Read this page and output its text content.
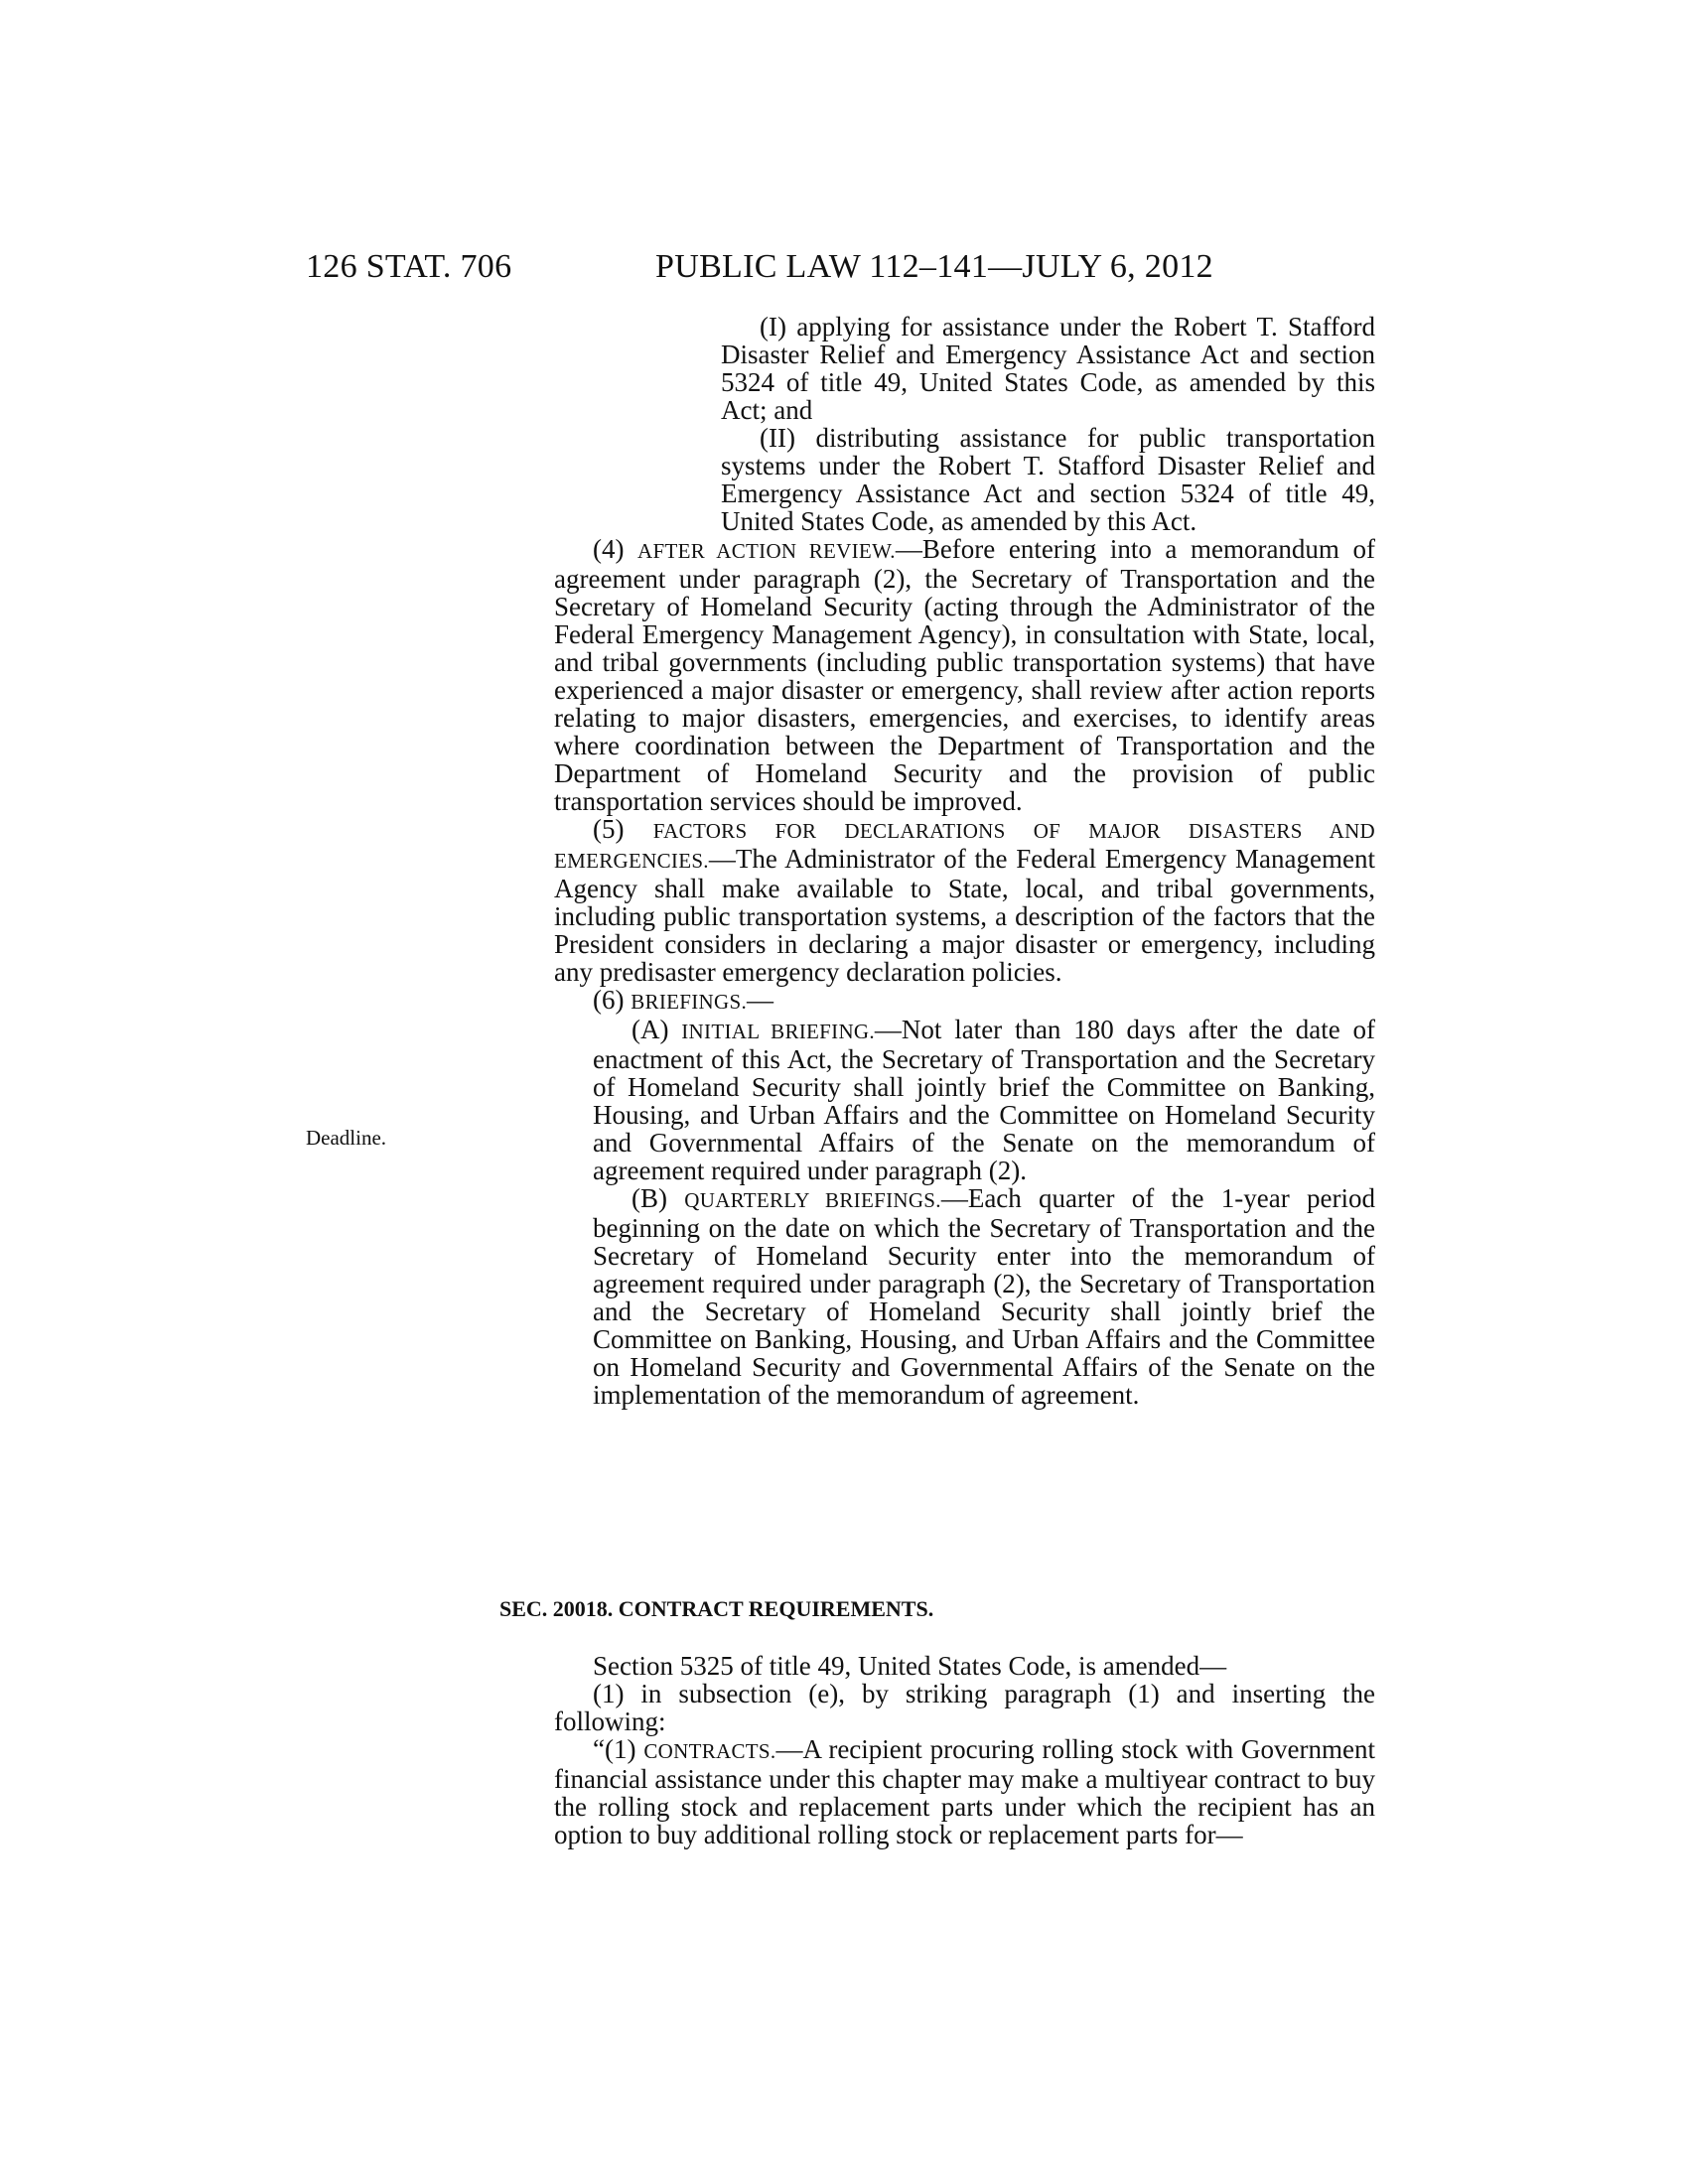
126 STAT. 706	PUBLIC LAW 112–141—JULY 6, 2012
Deadline.

(I) applying for assistance under the Robert T. Stafford Disaster Relief and Emergency Assistance Act and section 5324 of title 49, United States Code, as amended by this Act; and

(II) distributing assistance for public transportation systems under the Robert T. Stafford Disaster Relief and Emergency Assistance Act and section 5324 of title 49, United States Code, as amended by this Act.

(4) AFTER ACTION REVIEW.—Before entering into a memorandum of agreement under paragraph (2), the Secretary of Transportation and the Secretary of Homeland Security (acting through the Administrator of the Federal Emergency Management Agency), in consultation with State, local, and tribal governments (including public transportation systems) that have experienced a major disaster or emergency, shall review after action reports relating to major disasters, emergencies, and exercises, to identify areas where coordination between the Department of Transportation and the Department of Homeland Security and the provision of public transportation services should be improved.

(5) FACTORS FOR DECLARATIONS OF MAJOR DISASTERS AND EMERGENCIES.—The Administrator of the Federal Emergency Management Agency shall make available to State, local, and tribal governments, including public transportation systems, a description of the factors that the President considers in declaring a major disaster or emergency, including any predisaster emergency declaration policies.

(6) BRIEFINGS.—

(A) INITIAL BRIEFING.—Not later than 180 days after the date of enactment of this Act, the Secretary of Transportation and the Secretary of Homeland Security shall jointly brief the Committee on Banking, Housing, and Urban Affairs and the Committee on Homeland Security and Governmental Affairs of the Senate on the memorandum of agreement required under paragraph (2).

(B) QUARTERLY BRIEFINGS.—Each quarter of the 1-year period beginning on the date on which the Secretary of Transportation and the Secretary of Homeland Security enter into the memorandum of agreement required under paragraph (2), the Secretary of Transportation and the Secretary of Homeland Security shall jointly brief the Committee on Banking, Housing, and Urban Affairs and the Committee on Homeland Security and Governmental Affairs of the Senate on the implementation of the memorandum of agreement.

SEC. 20018. CONTRACT REQUIREMENTS.

Section 5325 of title 49, United States Code, is amended—

(1) in subsection (e), by striking paragraph (1) and inserting the following:

“(1) CONTRACTS.—A recipient procuring rolling stock with Government financial assistance under this chapter may make a multiyear contract to buy the rolling stock and replacement parts under which the recipient has an option to buy additional rolling stock or replacement parts for—
